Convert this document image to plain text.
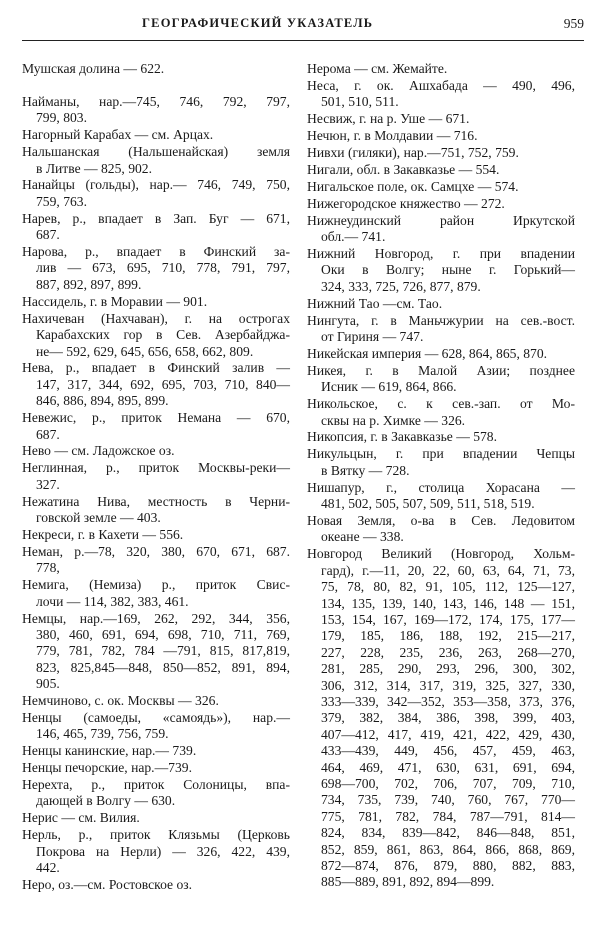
ГЕОГРАФИЧЕСКИЙ УКАЗАТЕЛЬ	959
Мушская долина — 622.
Найманы, нар.—745, 746, 792, 797,
799, 803.
Нагорный Карабах — см. Арцах.
Нальшанская (Нальшенайская) земля
в Литве — 825, 902.
Нанайцы (гольды), нар.— 746, 749, 750,
759, 763.
Нарев, р., впадает в Зап. Буг — 671,
687.
Нарова, р., впадает в Финский за-
лив — 673, 695, 710, 778, 791, 797,
887, 892, 897, 899.
Нассидель, г. в Моравии — 901.
Нахичеван (Нахчаван), г. на острогах
Карабахских гор в Сев. Азербайджа-
не— 592, 629, 645, 656, 658, 662, 809.
Нева, р., впадает в Финский залив —
147, 317, 344, 692, 695, 703, 710, 840—
846, 886, 894, 895, 899.
Невежис, р., приток Немана — 670,
687.
Нево — см. Ладожское оз.
Неглинная, р., приток Москвы-реки—
327.
Нежатина Нива, местность в Черни-
говской земле — 403.
Некреси, г. в Кахети — 556.
Неман, р.—78, 320, 380, 670, 671, 687.
778,
Немига, (Немиза) р., приток Свис-
лочи — 114, 382, 383, 461.
Немцы, нар.—169, 262, 292, 344, 356,
380, 460, 691, 694, 698, 710, 711, 769,
779, 781, 782, 784 —791, 815, 817,819,
823, 825,845—848, 850—852, 891, 894,
905.
Немчиново, с. ок. Москвы — 326.
Ненцы (самоеды, «самоядь»), нар.—
146, 465, 739, 756, 759.
Ненцы канинские, нар.— 739.
Ненцы печорские, нар.—739.
Нерехта, р., приток Солоницы, впа-
дающей в Волгу — 630.
Нерис — см. Вилия.
Нерль, р., приток Клязьмы (Церковь
Покрова на Нерли) — 326, 422, 439,
442.
Неро, оз.—см. Ростовское оз.
Нерома — см. Жемайте.
Неса, г. ок. Ашхабада — 490, 496,
501, 510, 511.
Несвиж, г. на р. Уше — 671.
Нечюн, г. в Молдавии — 716.
Нивхи (гиляки), нар.—751, 752, 759.
Нигали, обл. в Закавказье — 554.
Нигальское поле, ок. Самцхе — 574.
Нижегородское княжество — 272.
Нижнеудинский район Иркутской
обл.— 741.
Нижний Новгород, г. при впадении
Оки в Волгу; ныне г. Горький—
324, 333, 725, 726, 877, 879.
Нижний Тао —см. Тао.
Нингута, г. в Маньчжурии на сев.-вост.
от Гириня — 747.
Никейская империя — 628, 864, 865, 870.
Никея, г. в Малой Азии; позднее
Исник — 619, 864, 866.
Никольское, с. к сев.-зап. от Мо-
сквы на р. Химке — 326.
Никопсия, г. в Закавказье — 578.
Никульцын, г. при впадении Чепцы
в Вятку — 728.
Нишапур, г., столица Хорасана —
481, 502, 505, 507, 509, 511, 518, 519.
Новая Земля, о-ва в Сев. Ледовитом
океане — 338.
Новгород Великий (Новгород, Хольм-
гард), г.—11, 20, 22, 60, 63, 64, 71, 73,
75, 78, 80, 82, 91, 105, 112, 125—127,
134, 135, 139, 140, 143, 146, 148 — 151,
153, 154, 167, 169—172, 174, 175, 177—
179, 185, 186, 188, 192, 215—217,
227, 228, 235, 236, 263, 268—270,
281, 285, 290, 293, 296, 300, 302,
306, 312, 314, 317, 319, 325, 327, 330,
333—339, 342—352, 353—358, 373, 376,
379, 382, 384, 386, 398, 399, 403,
407—412, 417, 419, 421, 422, 429, 430,
433—439, 449, 456, 457, 459, 463,
464, 469, 471, 630, 631, 691, 694,
698—700, 702, 706, 707, 709, 710,
734, 735, 739, 740, 760, 767, 770—
775, 781, 782, 784, 787—791, 814—
824, 834, 839—842, 846—848, 851,
852, 859, 861, 863, 864, 866, 868, 869,
872—874, 876, 879, 880, 882, 883,
885—889, 891, 892, 894—899.
